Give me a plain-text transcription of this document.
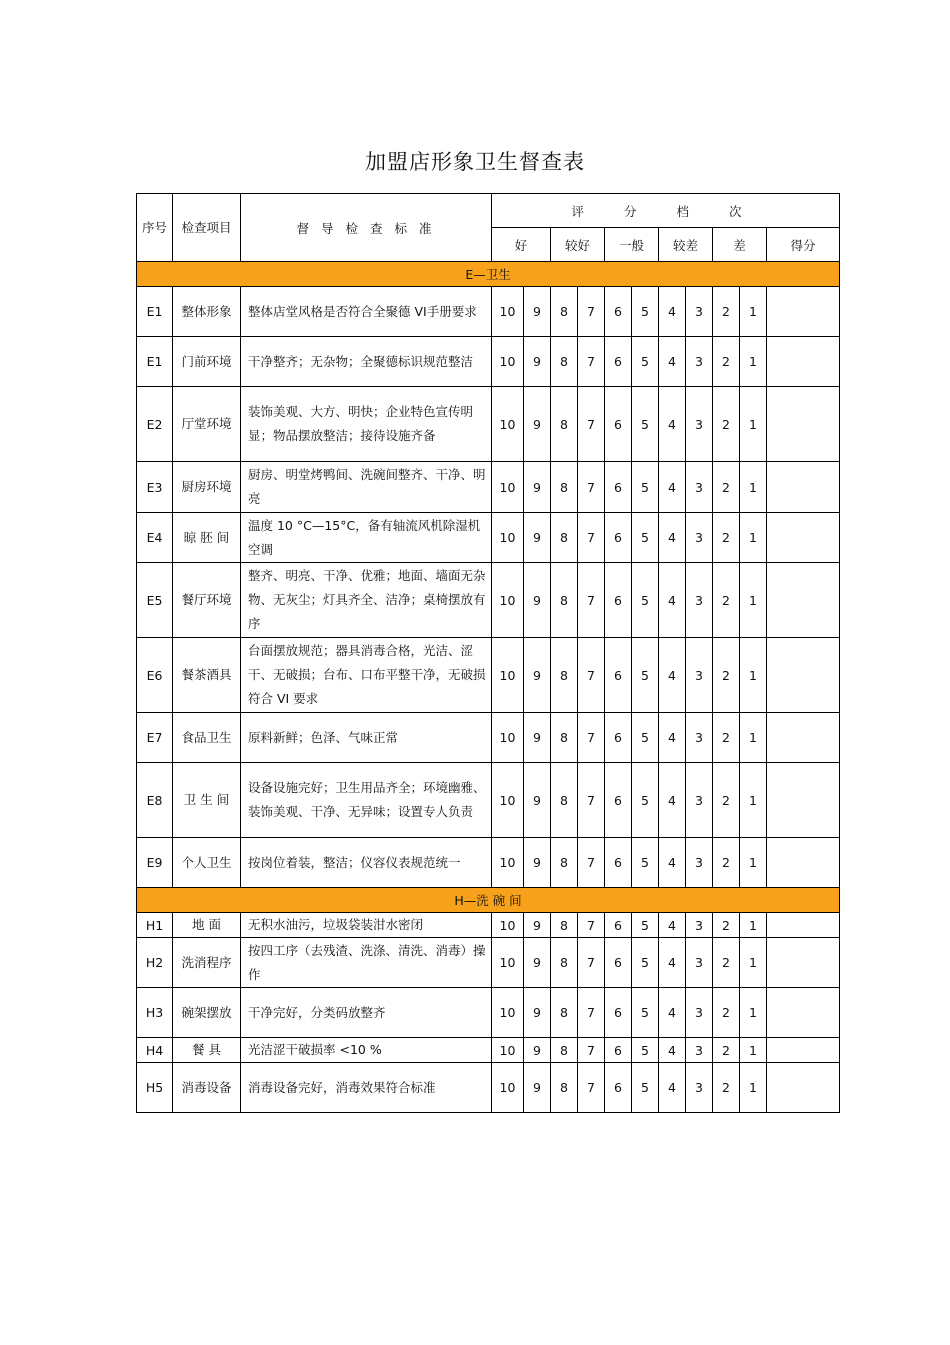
加盟店形象卫生督查表
序号	检查项目	督 导 检 查 标 准	评 分 档 次										
			好		较好		一般		较差		差		得分
E—卫生													
E1	整体形象	整体店堂风格是否符合全聚德 VI手册要求	10	9	8	7	6	5	4	3	2	1	
E1	门前环境	干净整齐；无杂物；全聚德标识规范整洁	10	9	8	7	6	5	4	3	2	1	
E2	厅堂环境	装饰美观、大方、明快；企业特色宣传明显；物品摆放整洁；接待设施齐备	10	9	8	7	6	5	4	3	2	1	
E3	厨房环境	厨房、明堂烤鸭间、洗碗间整齐、干净、明亮	10	9	8	7	6	5	4	3	2	1	
E4	晾 胚 间	温度 10 °C—15°C，备有轴流风机除湿机 空调	10	9	8	7	6	5	4	3	2	1	
E5	餐厅环境	整齐、明亮、干净、优雅；地面、墙面无杂物、无灰尘；灯具齐全、洁净；桌椅摆放有序	10	9	8	7	6	5	4	3	2	1	
E6	餐茶酒具	台面摆放规范；器具消毒合格，光洁、涩干、无破损；台布、口布平整干净，无破损符合 VI 要求	10	9	8	7	6	5	4	3	2	1	
E7	食品卫生	原料新鲜；色泽、气味正常	10	9	8	7	6	5	4	3	2	1	
E8	卫 生 间	设备设施完好；卫生用品齐全；环境幽雅、装饰美观、干净、无异味；设置专人负责	10	9	8	7	6	5	4	3	2	1	
E9	个人卫生	按岗位着装，整洁；仪容仪表规范统一	10	9	8	7	6	5	4	3	2	1	
H—洗 碗 间													
H1	地 面	无积水油污，垃圾袋装泔水密闭	10	9	8	7	6	5	4	3	2	1	
H2	洗消程序	按四工序（去残渣、洗涤、清洗、消毒）操作	10	9	8	7	6	5	4	3	2	1	
H3	碗架摆放	干净完好，分类码放整齐	10	9	8	7	6	5	4	3	2	1	
H4	餐 具	光洁涩干破损率 <10 %	10	9	8	7	6	5	4	3	2	1	
H5	消毒设备	消毒设备完好，消毒效果符合标准	10	9	8	7	6	5	4	3	2	1	
